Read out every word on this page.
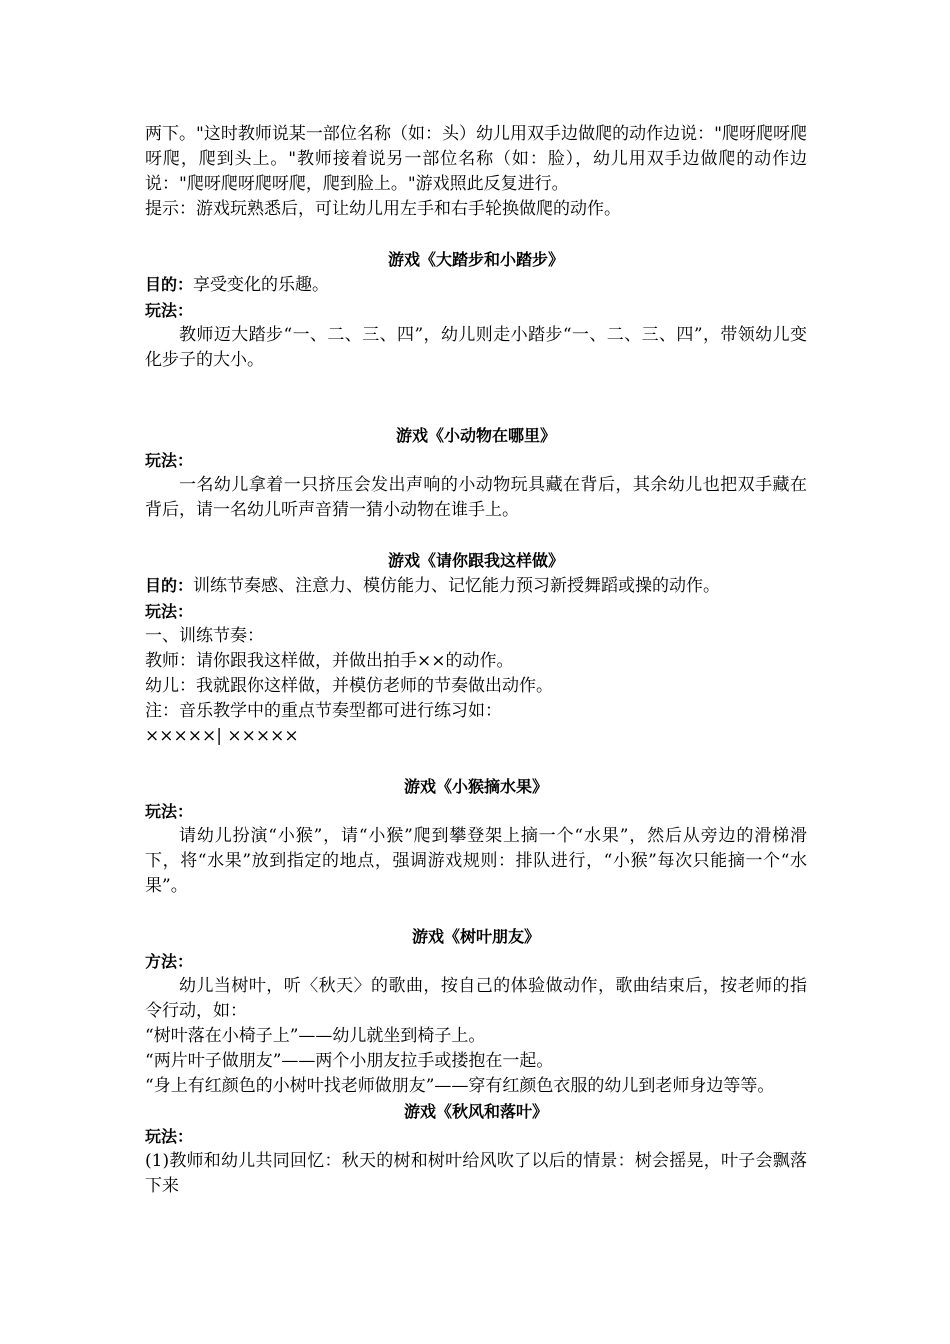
两下。"这时教师说某一部位名称（如：头）幼儿用双手边做爬的动作边说："爬呀爬呀爬呀爬，爬到头上。"教师接着说另一部位名称（如：脸），幼儿用双手边做爬的动作边说："爬呀爬呀爬呀爬，爬到脸上。"游戏照此反复进行。

提示：游戏玩熟悉后，可让幼儿用左手和右手轮换做爬的动作。

游戏《大踏步和小踏步》

目的：享受变化的乐趣。

玩法：

教师迈大踏步“一、二、三、四”，幼儿则走小踏步“一、二、三、四”，带领幼儿变化步子的大小。

游戏《小动物在哪里》

玩法：

一名幼儿拿着一只挤压会发出声响的小动物玩具藏在背后，其余幼儿也把双手藏在背后，请一名幼儿听声音猜一猜小动物在谁手上。

游戏《请你跟我这样做》

目的：训练节奏感、注意力、模仿能力、记忆能力预习新授舞蹈或操的动作。

玩法：

一、训练节奏：

教师：请你跟我这样做，并做出拍手××的动作。

幼儿：我就跟你这样做，并模仿老师的节奏做出动作。

注：音乐教学中的重点节奏型都可进行练习如：

×××××| ×××××

游戏《小猴摘水果》

玩法：

请幼儿扮演“小猴”，请“小猴”爬到攀登架上摘一个“水果”，然后从旁边的滑梯滑下，将“水果”放到指定的地点，强调游戏规则：排队进行，“小猴”每次只能摘一个“水果”。

游戏《树叶朋友》

方法：

幼儿当树叶，听〈秋天〉的歌曲，按自己的体验做动作，歌曲结束后，按老师的指令行动，如：

“树叶落在小椅子上”——幼儿就坐到椅子上。

“两片叶子做朋友”——两个小朋友拉手或搂抱在一起。

“身上有红颜色的小树叶找老师做朋友”——穿有红颜色衣服的幼儿到老师身边等等。

游戏《秋风和落叶》

玩法：

(1)教师和幼儿共同回忆：秋天的树和树叶给风吹了以后的情景：树会摇晃，叶子会飘落下来
